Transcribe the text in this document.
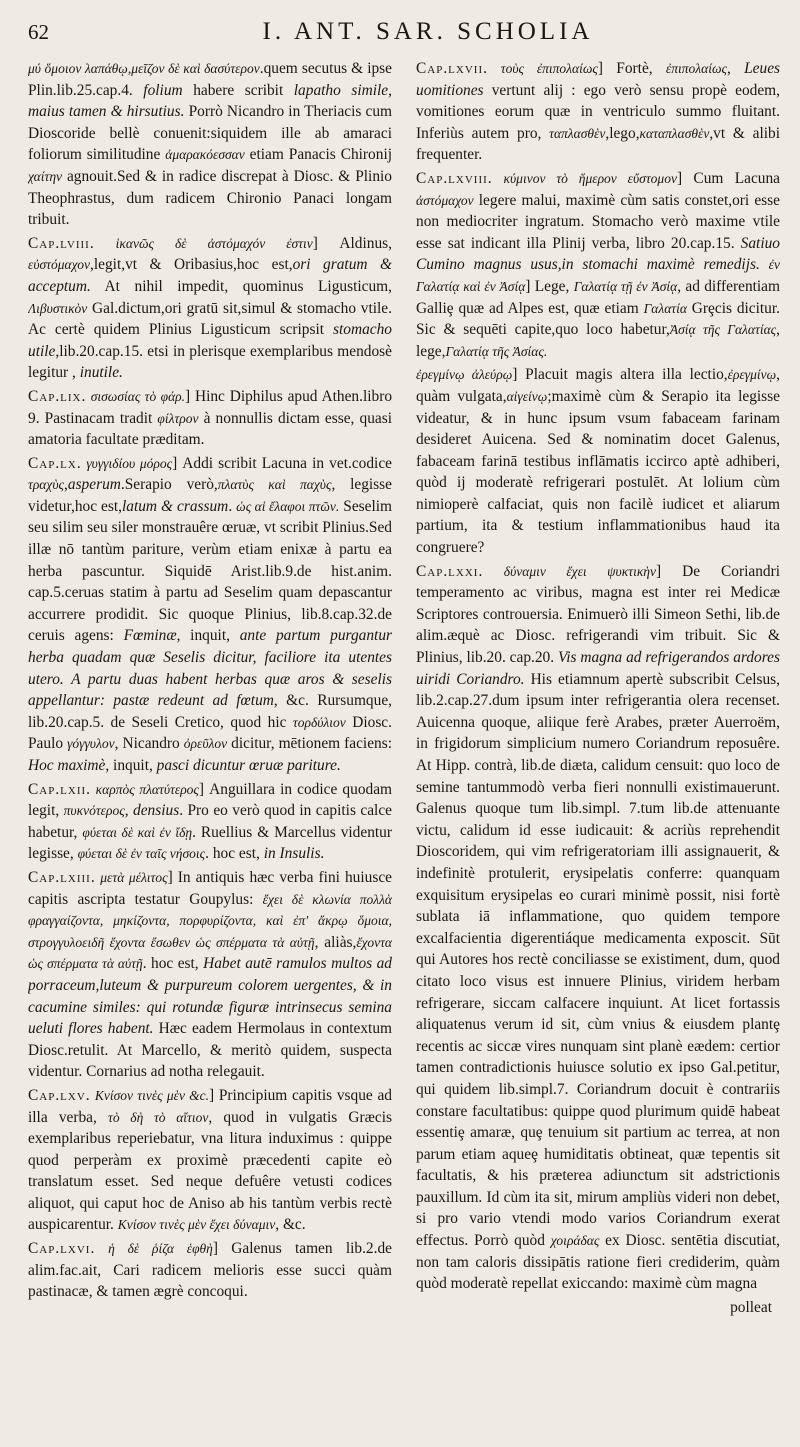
62	I. ANT. SAR. SCHOLIA

μύ ὅμοιον λαπάθῳ,μεῖζον δὲ καὶ δασύτερον.quem secutus & ipse Plin.lib.25.cap.4. folium habere scribit lapatho simile, maius tamen & hirsutius. Porrò Nicandro in Theriacis cum Dioscoride bellè conuenit:siquidem ille ab amaraci foliorum similitudine ἀμαρακόεσσαν etiam Panacis Chironij χαίτην agnouit.Sed & in radice discrepat à Diosc. & Plinio Theophrastus, dum radicem Chironio Panaci longam tribuit.

Cap.lviii. ἱκανῶς δὲ ἀστόμαχόν ἐστιν] Aldinus, εὐστόμαχον,legit,vt & Oribasius,hoc est,ori gratum & acceptum. At nihil impedit, quominus Ligusticum, Λιβυστικὸν Gal.dictum,ori gratū sit,simul & stomacho vtile. Ac certè quidem Plinius Ligusticum scripsit stomacho utile,lib.20.cap.15. etsi in plerisque exemplaribus mendosè legitur , inutile.

Cap.lix. σισωσίας τὸ φάρ.] Hinc Diphilus apud Athen.libro 9. Pastinacam tradit φίλτρον à nonnullis dictam esse, quasi amatoria facultate præditam.

Cap.lx. γυγγιδίου μόρος] Addi scribit Lacuna in vet.codice τραχὺς,asperum.Serapio verò,πλατὺς καὶ παχὺς, legisse videtur,hoc est,latum & crassum. ὡς αἱ ἔλαφοι πτῶν. Seselim seu silim seu siler monstrauêre œruæ, vt scribit Plinius.Sed illæ nō tantùm pariture, verùm etiam enixæ à partu ea herba pascuntur. Siquidē Arist.lib.9.de hist.anim. cap.5.ceruas statim à partu ad Seselim quam depascantur accurrere prodidit. Sic quoque Plinius, lib.8.cap.32.de ceruis agens: Fœminæ, inquit, ante partum purgantur herba quadam quæ Seselis dicitur, faciliore ita utentes utero. A partu duas habent herbas quæ aros & seselis appellantur: pastæ redeunt ad fœtum, &c. Rursumque, lib.20.cap.5. de Seseli Cretico, quod hic τορδύλιον Diosc. Paulo γόγγυλον, Nicandro ὀρεῦλον dicitur, mētionem faciens: Hoc maximè, inquit, pasci dicuntur œruæ pariture.

Cap.lxii. καρπὸς πλατύτερος] Anguillara in codice quodam legit, πυκνότερος, densius. Pro eo verò quod in capitis calce habetur, φύεται δὲ καὶ ἐν ἴδῃ. Ruellius & Marcellus videntur legisse, φύεται δὲ ἐν ταῖς νήσοις. hoc est, in Insulis.

Cap.lxiii. μετὰ μέλιτος] In antiquis hæc verba fini huiusce capitis ascripta testatur Goupylus: ἔχει δὲ κλωνία πολλὰ φραγγαίζοντα, μηκίζοντα, πορφυρίζοντα, καὶ ἐπ' ἄκρῳ ὅμοια, στρογγυλοειδῆ ἔχοντα ἔσωθεν ὡς σπέρματα τὰ αὐτῇ, aliàs,ἔχοντα ὡς σπέρματα τὰ αὐτῇ. hoc est, Habet autē ramulos multos ad porraceum,luteum & purpureum colorem uergentes, & in cacumine similes: qui rotundæ figuræ intrinsecus semina ueluti flores habent. Hæc eadem Hermolaus in contextum Diosc.retulit. At Marcello, & meritò quidem, suspecta videntur. Cornarius ad notha relegauit.

Cap.lxv. Κνίσον τινὲς μὲν &c.] Principium capitis vsque ad illa verba, τὸ δὴ τὸ αἴτιον, quod in vulgatis Græcis exemplaribus reperiebatur, vna litura induximus : quippe quod perperàm ex proximè præcedenti capite eò translatum esset. Sed neque defuêre vetusti codices aliquot, qui caput hoc de Aniso ab his tantùm verbis rectè auspicarentur. Κνίσον τινὲς μὲν ἔχει δύναμιν, &c.

Cap.lxvi. ἡ δὲ ῥίζα ἑφθὴ] Galenus tamen lib.2.de alim.fac.ait, Cari radicem melioris esse succi quàm pastinacæ, & tamen ægrè concoqui.

Cap.lxvii. τοὺς ἐπιπολαίως] Fortè, ἐπιπολαίως, Leues uomitiones vertunt alij : ego verò sensu propè eodem, vomitiones eorum quæ in ventriculo summo fluitant. Inferiùs autem pro, ταπλασθὲν,lego,καταπλασθὲν,vt & alibi frequenter.

Cap.lxviii. κύμινον τὸ ἥμερον εὔστομον] Cum Lacuna ἀστόμαχον legere malui, maximè cùm satis constet,ori esse non mediocriter ingratum. Stomacho verò maxime vtile esse sat indicant illa Plinij verba, libro 20.cap.15. Satiuo Cumino magnus usus,in stomachi maximè remedijs. ἐν Γαλατίᾳ καὶ ἐν Ἀσίᾳ] Lege, Γαλατίᾳ τῇ ἐν Ἀσίᾳ, ad differentiam Galliȩ quæ ad Alpes est, quæ etiam Γαλατία Grȩcis dicitur. Sic & sequēti capite,quo loco habetur,Ἀσίᾳ τῆς Γαλατίας, lege,Γαλατίᾳ τῆς Ἀσίας.

ἐρεγμίνῳ ἀλεύρῳ] Placuit magis altera illa lectio,ἐρεγμίνῳ, quàm vulgata,αἰγείνῳ;maximè cùm & Serapio ita legisse videatur, & in hunc ipsum vsum fabaceam farinam desideret Auicena. Sed & nominatim docet Galenus, fabaceam farinā testibus inflāmatis iccirco aptè adhiberi, quòd ij moderatè refrigerari postulēt. At lolium cùm nimioperè calfaciat, quis non facilè iudicet et aliarum partium, ita & testium inflammationibus haud ita congruere?

Cap.lxxi. δύναμιν ἔχει ψυκτικὴν] De Coriandri temperamento ac viribus, magna est inter rei Medicæ Scriptores controuersia. Enimuerò illi Simeon Sethi, lib.de alim.æquè ac Diosc. refrigerandi vim tribuit. Sic & Plinius, lib.20. cap.20. Vis magna ad refrigerandos ardores uiridi Coriandro. His etiamnum apertè subscribit Celsus, lib.2.cap.27.dum ipsum inter refrigerantia olera recenset. Auicenna quoque, aliique ferè Arabes, præter Auerroëm, in frigidorum simplicium numero Coriandrum reposuêre. At Hipp. contrà, lib.de diæta, calidum censuit: quo loco de semine tantummodò verba fieri nonnulli existimauerunt. Galenus quoque tum lib.simpl. 7.tum lib.de attenuante victu, calidum id esse iudicauit: & acriùs reprehendit Dioscoridem, qui vim refrigeratoriam illi assignauerit, & indefinitè protulerit, erysipelatis conferre: quanquam exquisitum erysipelas eo curari minimè possit, nisi fortè sublata iā inflammatione, quo quidem tempore excalfacientia digerentiáque medicamenta exposcit. Sūt qui Autores hos rectè conciliasse se existiment, dum, quod citato loco visus est innuere Plinius, viridem herbam refrigerare, siccam calfacere inquiunt. At licet fortassis aliquatenus verum id sit, cùm vnius & eiusdem plantȩ recentis ac siccæ vires nunquam sint planè eædem: certior tamen contradictionis huiusce solutio ex ipso Gal.petitur, qui quidem lib.simpl.7. Coriandrum docuit è contrariis constare facultatibus: quippe quod plurimum quidē habeat essentiȩ amaræ, quȩ tenuium sit partium ac terrea, at non parum etiam aqueȩ humiditatis obtineat, quæ tepentis sit facultatis, & his præterea adiunctum sit adstrictionis pauxillum. Id cùm ita sit, mirum ampliùs videri non debet, si pro vario vtendi modo varios Coriandrum exerat effectus. Porrò quòd χοιράδας ex Diosc. sentētia discutiat, non tam caloris dissipātis ratione fieri crediderim, quàm quòd moderatè repellat exiccando: maximè cùm magna

polleat
